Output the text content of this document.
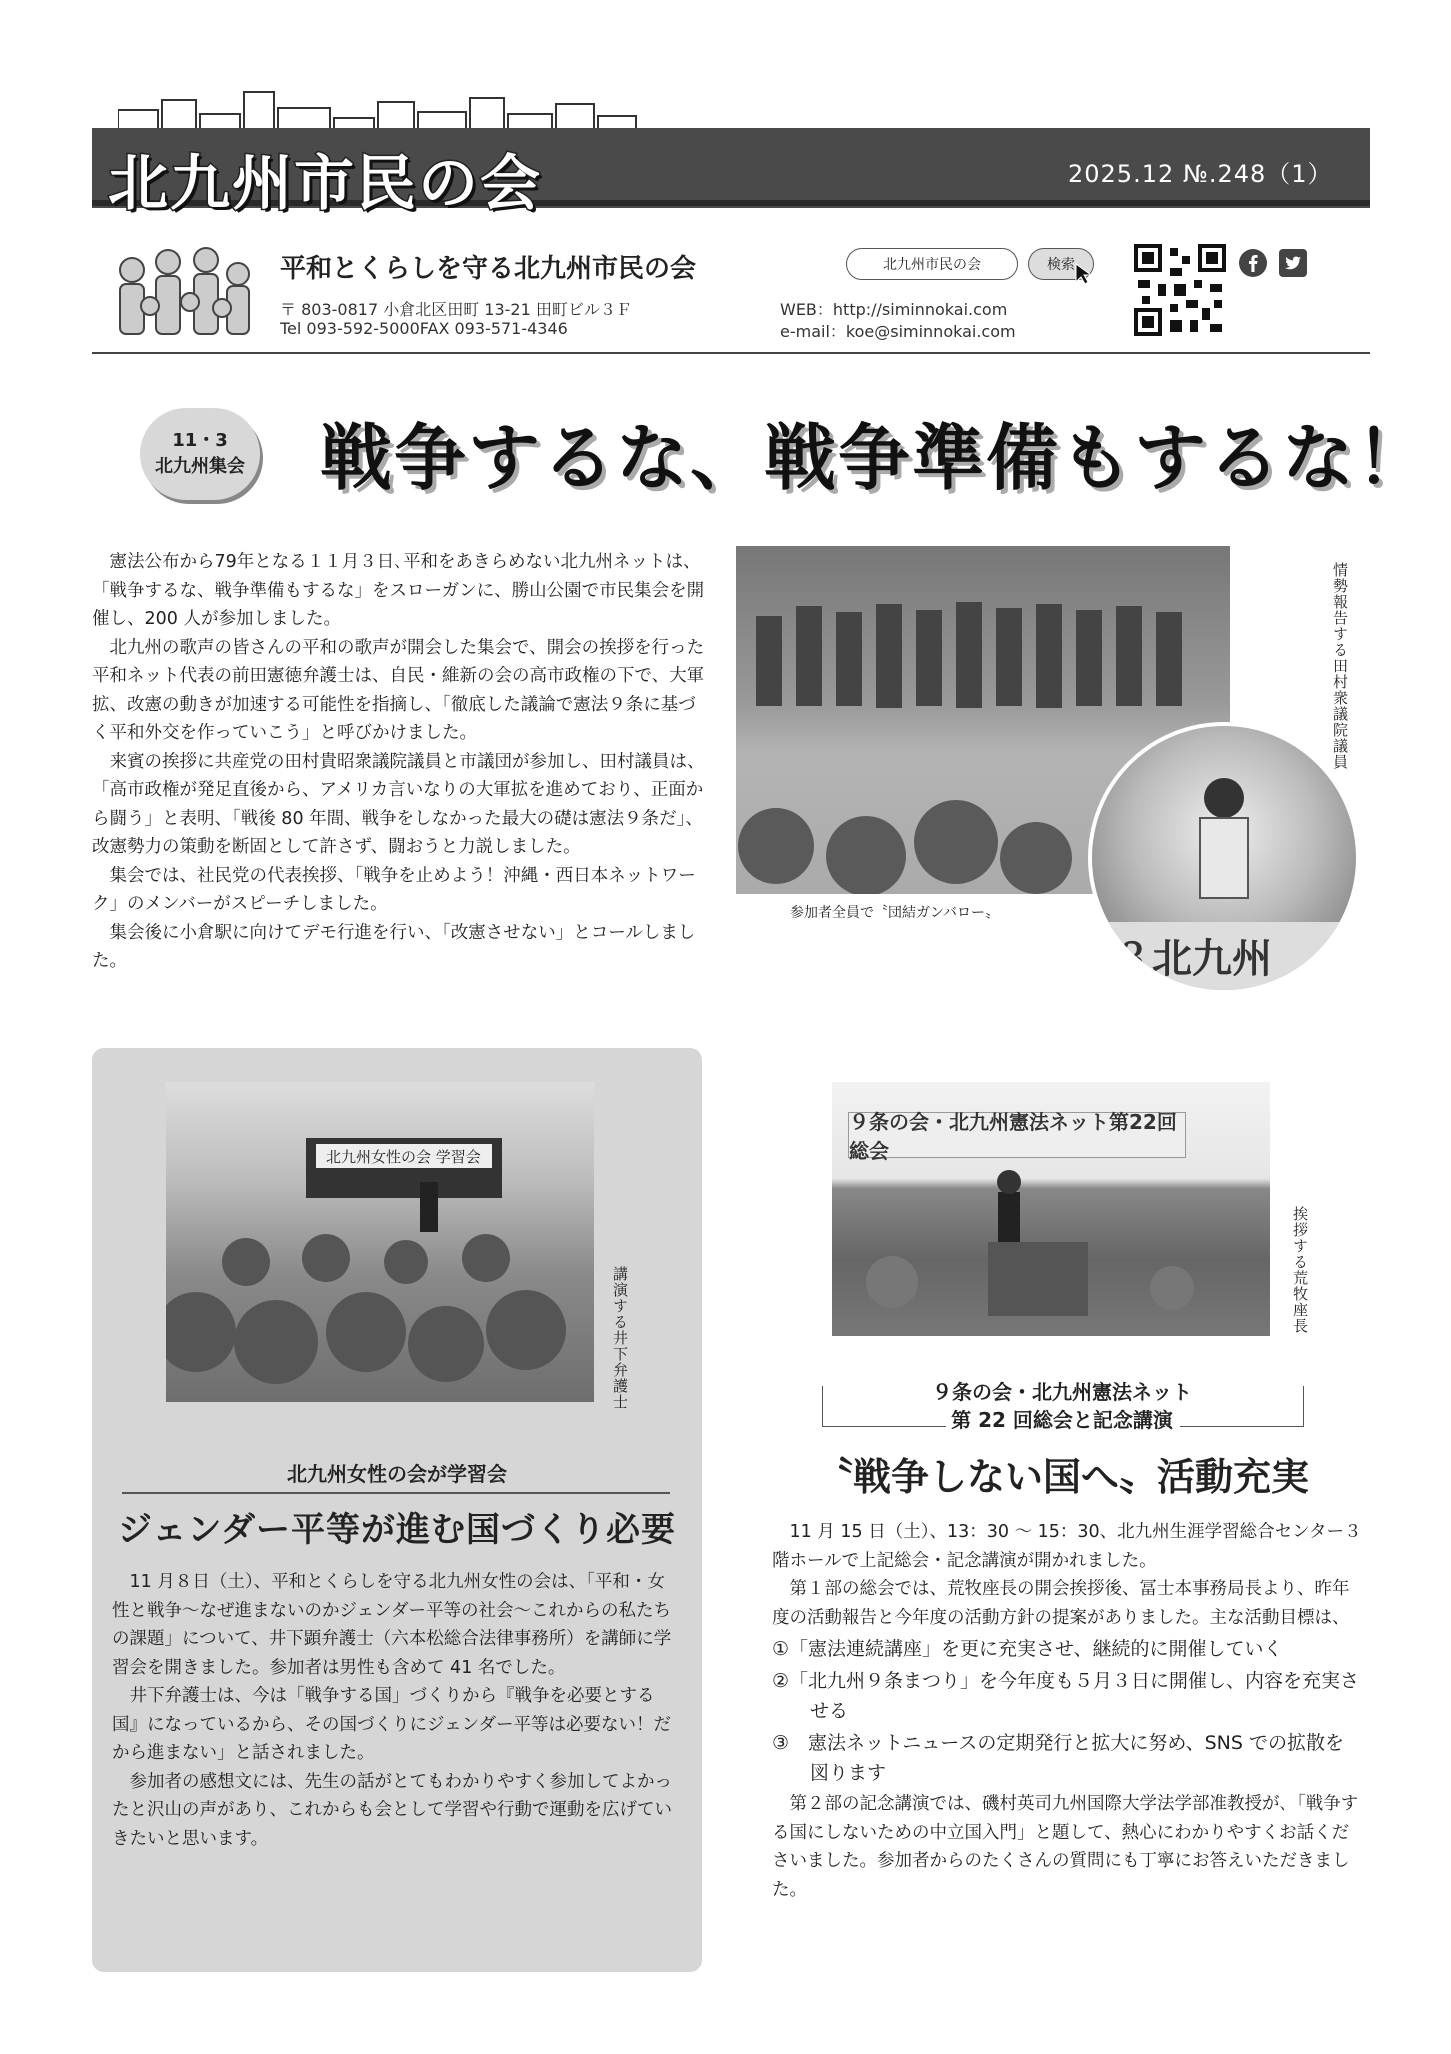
北九州市民の会	2025.12 №.248（1）
平和とくらしを守る北九州市民の会
〒 803-0817 小倉北区田町 13-21 田町ビル３Ｆ
Tel 093-592-5000FAX 093-571-4346
WEB：http://siminnokai.com
e-mail：koe@siminnokai.com
北九州市民の会	検索
11・3
北九州集会 戦争するな、戦争準備もするな！

憲法公布から79年となる１１月３日､平和をあきらめない北九州ネットは、「戦争するな、戦争準備もするな」をスローガンに、勝山公園で市民集会を開催し、200 人が参加しました。

北九州の歌声の皆さんの平和の歌声が開会した集会で、開会の挨拶を行った平和ネット代表の前田憲徳弁護士は、自民・維新の会の高市政権の下で、大軍拡、改憲の動きが加速する可能性を指摘し、「徹底した議論で憲法９条に基づく平和外交を作っていこう」と呼びかけました。

来賓の挨拶に共産党の田村貴昭衆議院議員と市議団が参加し、田村議員は、「高市政権が発足直後から、アメリカ言いなりの大軍拡を進めており、正面から闘う」と表明、「戦後 80 年間、戦争をしなかった最大の礎は憲法９条だ」、改憲勢力の策動を断固として許さず、闘おうと力説しました。

集会では、社民党の代表挨拶、「戦争を止めよう！沖縄・西日本ネットワーク」のメンバーがスピーチしました。

集会後に小倉駅に向けてデモ行進を行い、「改憲させない」とコールしました。	３北九州
参加者全員で〝団結ガンバロー〟
情勢報告する田村衆議院議員
北九州女性の会 学習会
講演する井下弁護士
北九州女性の会が学習会
ジェンダー平等が進む国づくり必要

11 月８日（土）、平和とくらしを守る北九州女性の会は、「平和・女性と戦争～なぜ進まないのかジェンダー平等の社会～これからの私たちの課題」について、井下顕弁護士（六本松総合法律事務所）を講師に学習会を開きました。参加者は男性も含めて 41 名でした。

井下弁護士は、今は「戦争する国」づくりから『戦争を必要とする国』になっているから、その国づくりにジェンダー平等は必要ない！だから進まない」と話されました。

参加者の感想文には、先生の話がとてもわかりやすく参加してよかったと沢山の声があり、これからも会として学習や行動で運動を広げていきたいと思います。

９条の会・北九州憲法ネット第22回総会
挨拶する荒牧座長
９条の会・北九州憲法ネット
第 22 回総会と記念講演
〝戦争しない国へ〟活動充実

11 月 15 日（土）、13：30 ～ 15：30、北九州生涯学習総合センター３階ホールで上記総会・記念講演が開かれました。

第１部の総会では、荒牧座長の開会挨拶後、冨士本事務局長より、昨年度の活動報告と今年度の活動方針の提案がありました。主な活動目標は、

①「憲法連続講座」を更に充実させ、継続的に開催していく
②「北九州９条まつり」を今年度も５月３日に開催し、内容を充実させる
③　憲法ネットニュースの定期発行と拡大に努め、SNS での拡散を図ります

第２部の記念講演では、磯村英司九州国際大学法学部准教授が､「戦争する国にしないための中立国入門」と題して、熱心にわかりやすくお話くださいました。参加者からのたくさんの質問にも丁寧にお答えいただきました。
